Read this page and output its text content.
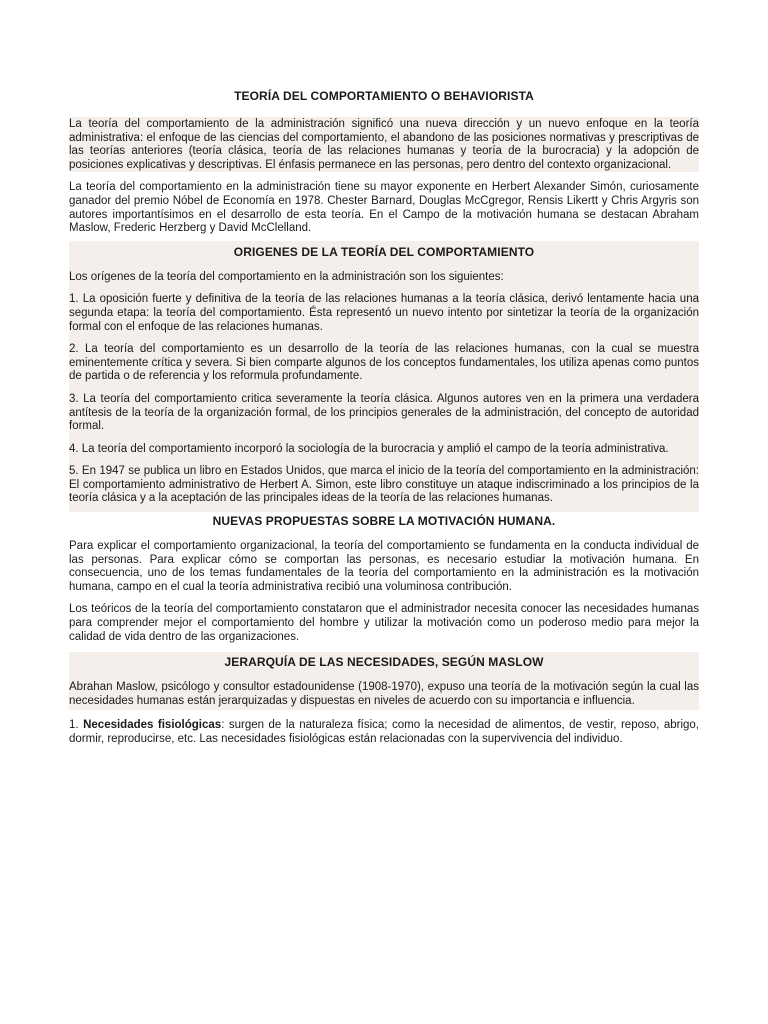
TEORÍA DEL COMPORTAMIENTO O BEHAVIORISTA

La teoría del comportamiento de la administración significó una nueva dirección y un nuevo enfoque en la teoría administrativa: el enfoque de las ciencias del comportamiento, el abandono de las posiciones normativas y prescriptivas de las teorías anteriores (teoría clásica, teoría de las relaciones humanas y teoría de la burocracia) y la adopción de posiciones explicativas y descriptivas. El énfasis permanece en las personas, pero dentro del contexto organizacional.

La teoría del comportamiento en la administración tiene su mayor exponente en Herbert Alexander Simón, curiosamente ganador del premio Nóbel de Economía en 1978. Chester Barnard, Douglas McCgregor, Rensis Likertt y Chris Argyris son autores importantísimos en el desarrollo de esta teoría. En el Campo de la motivación humana se destacan Abraham Maslow, Frederic Herzberg y David McClelland.

ORIGENES DE LA TEORÍA DEL COMPORTAMIENTO

Los orígenes de la teoría del comportamiento en la administración son los siguientes:

1. La oposición fuerte y definitiva de la teoría de las relaciones humanas a la teoría clásica, derivó lentamente hacia una segunda etapa: la teoría del comportamiento. Ésta representó un nuevo intento por sintetizar la teoría de la organización formal con el enfoque de las relaciones humanas.

2. La teoría del comportamiento es un desarrollo de la teoría de las relaciones humanas, con la cual se muestra eminentemente crítica y severa. Si bien comparte algunos de los conceptos fundamentales, los utiliza apenas como puntos de partida o de referencia y los reformula profundamente.

3. La teoría del comportamiento critica severamente la teoría clásica. Algunos autores ven en la primera una verdadera antítesis de la teoría de la organización formal, de los principios generales de la administración, del concepto de autoridad formal.

4. La teoría del comportamiento incorporó la sociología de la burocracia y amplió el campo de la teoría administrativa.

5. En 1947 se publica un libro en Estados Unidos, que marca el inicio de la teoría del comportamiento en la administración: El comportamiento administrativo de Herbert A. Simon, este libro constituye un ataque indiscriminado a los principios de la teoría clásica y a la aceptación de las principales ideas de la teoría de las relaciones humanas.

NUEVAS PROPUESTAS SOBRE LA MOTIVACIÓN HUMANA.

Para explicar el comportamiento organizacional, la teoría del comportamiento se fundamenta en la conducta individual de las personas. Para explicar cómo se comportan las personas, es necesario estudiar la motivación humana. En consecuencia, uno de los temas fundamentales de la teoría del comportamiento en la administración es la motivación humana, campo en el cual la teoría administrativa recibió una voluminosa contribución.

Los teóricos de la teoría del comportamiento constataron que el administrador necesita conocer las necesidades humanas para comprender mejor el comportamiento del hombre y utilizar la motivación como un poderoso medio para mejor la calidad de vida dentro de las organizaciones.

JERARQUÍA DE LAS NECESIDADES, SEGÚN MASLOW

Abrahan Maslow, psicólogo y consultor estadounidense (1908-1970), expuso una teoría de la motivación según la cual las necesidades humanas están jerarquizadas y dispuestas en niveles de acuerdo con su importancia e influencia.

1. Necesidades fisiológicas: surgen de la naturaleza física; como la necesidad de alimentos, de vestir, reposo, abrigo, dormir, reproducirse, etc. Las necesidades fisiológicas están relacionadas con la supervivencia del individuo.
